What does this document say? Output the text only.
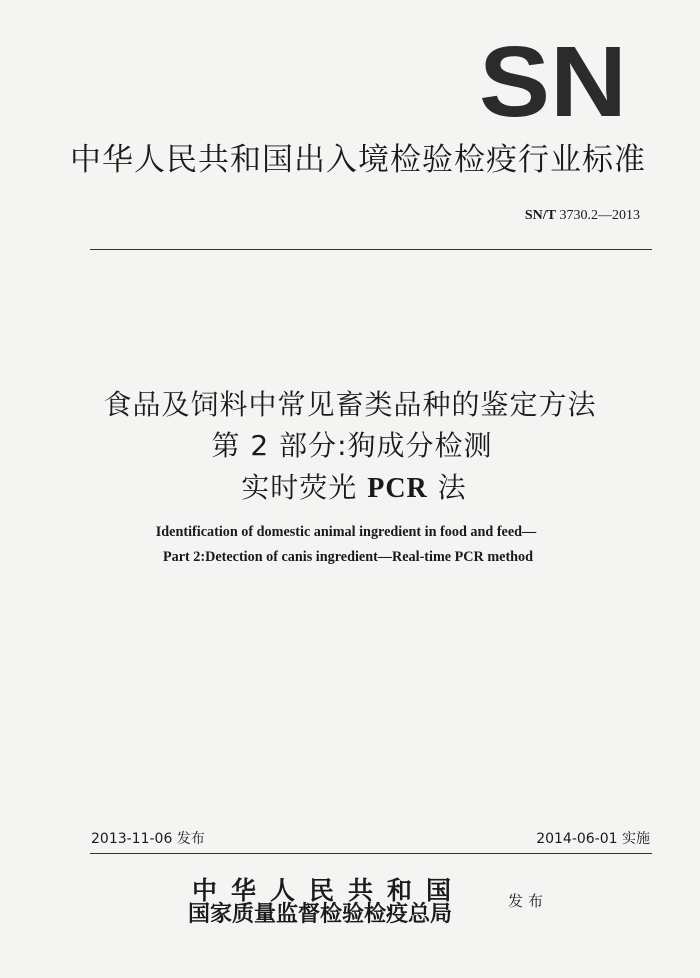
SN
中华人民共和国出入境检验检疫行业标准
SN/T 3730.2—2013
食品及饲料中常见畜类品种的鉴定方法
第 2 部分:狗成分检测
实时荧光 PCR 法
Identification of domestic animal ingredient in food and feed—
Part 2:Detection of canis ingredient—Real-time PCR method
2013-11-06 发布	2014-06-01 实施
中华人民共和国
国家质量监督检验检疫总局	发布
